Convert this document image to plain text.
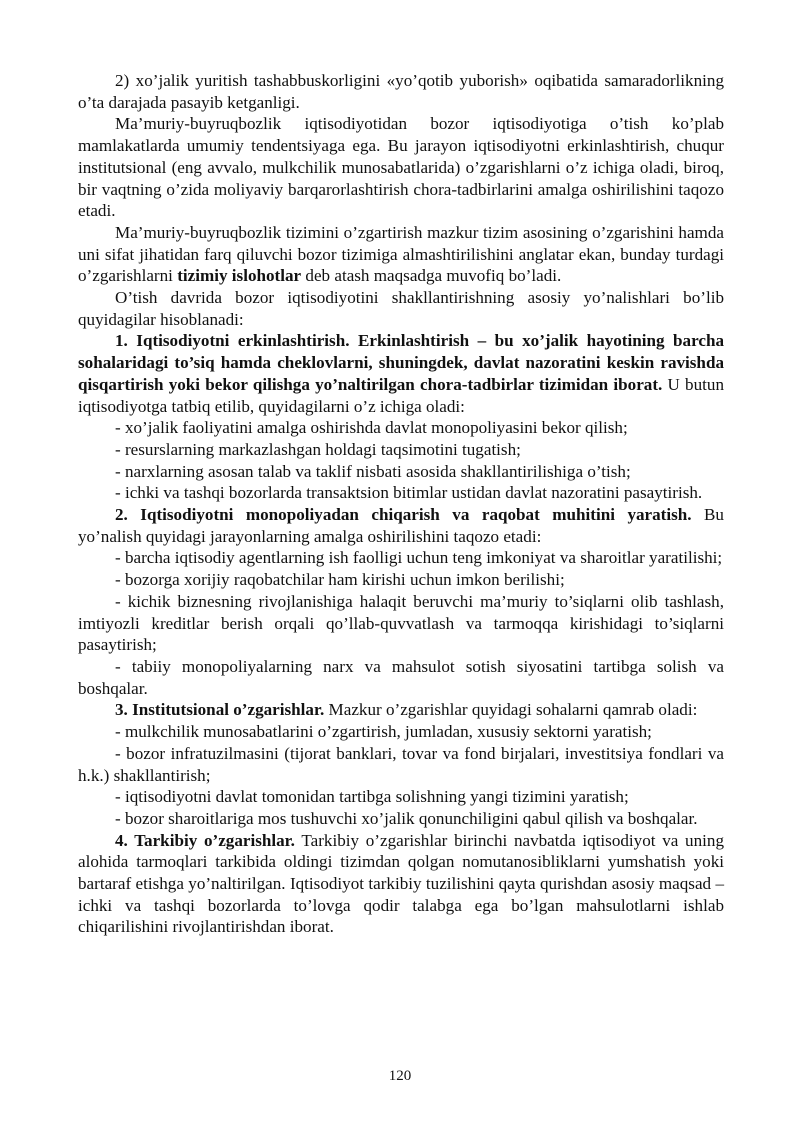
2) xo’jalik yuritish tashabbuskorligini «yo’qotib yuborish» oqibatida samaradorlikning o’ta darajada pasayib ketganligi.

Ma’muriy-buyruqbozlik iqtisodiyotidan bozor iqtisodiyotiga o’tish ko’plab mamlakatlarda umumiy tendentsiyaga ega. Bu jarayon iqtisodiyotni erkinlashtirish, chuqur institutsional (eng avvalo, mulkchilik munosabatlarida) o’zgarishlarni o’z ichiga oladi, biroq, bir vaqtning o’zida moliyaviy barqarorlashtirish chora-tadbirlarini amalga oshirilishini taqozo etadi.

Ma’muriy-buyruqbozlik tizimini o’zgartirish mazkur tizim asosining o’zgarishini hamda uni sifat jihatidan farq qiluvchi bozor tizimiga almashtirilishini anglatar ekan, bunday turdagi o’zgarishlarni tizimiy islohotlar deb atash maqsadga muvofiq bo’ladi.

O’tish davrida bozor iqtisodiyotini shakllantirishning asosiy yo’nalishlari bo’lib quyidagilar hisoblanadi:

1. Iqtisodiyotni erkinlashtirish. Erkinlashtirish – bu xo’jalik hayotining barcha sohalaridagi to’siq hamda cheklovlarni, shuningdek, davlat nazoratini keskin ravishda qisqartirish yoki bekor qilishga yo’naltirilgan chora-tadbirlar tizimidan iborat. U butun iqtisodiyotga tatbiq etilib, quyidagilarni o’z ichiga oladi:

- xo’jalik faoliyatini amalga oshirishda davlat monopoliyasini bekor qilish;

- resurslarning markazlashgan holdagi taqsimotini tugatish;

- narxlarning asosan talab va taklif nisbati asosida shakllantirilishiga o’tish;

- ichki va tashqi bozorlarda transaktsion bitimlar ustidan davlat nazoratini pasaytirish.

2. Iqtisodiyotni monopoliyadan chiqarish va raqobat muhitini yaratish. Bu yo’nalish quyidagi jarayonlarning amalga oshirilishini taqozo etadi:

- barcha iqtisodiy agentlarning ish faolligi uchun teng imkoniyat va sharoitlar yaratilishi;

- bozorga xorijiy raqobatchilar ham kirishi uchun imkon berilishi;

- kichik biznesning rivojlanishiga halaqit beruvchi ma’muriy to’siqlarni olib tashlash, imtiyozli kreditlar berish orqali qo’llab-quvvatlash va tarmoqqa kirishidagi to’siqlarni pasaytirish;

- tabiiy monopoliyalarning narx va mahsulot sotish siyosatini tartibga solish va boshqalar.

3. Institutsional o’zgarishlar. Mazkur o’zgarishlar quyidagi sohalarni qamrab oladi:

- mulkchilik munosabatlarini o’zgartirish, jumladan, xususiy sektorni yaratish;

- bozor infratuzilmasini (tijorat banklari, tovar va fond birjalari, investitsiya fondlari va h.k.) shakllantirish;

- iqtisodiyotni davlat tomonidan tartibga solishning yangi tizimini yaratish;

- bozor sharoitlariga mos tushuvchi xo’jalik qonunchiligini qabul qilish va boshqalar.

4. Tarkibiy o’zgarishlar. Tarkibiy o’zgarishlar birinchi navbatda iqtisodiyot va uning alohida tarmoqlari tarkibida oldingi tizimdan qolgan nomutanosibliklarni yumshatish yoki bartaraf etishga yo’naltirilgan. Iqtisodiyot tarkibiy tuzilishini qayta qurishdan asosiy maqsad – ichki va tashqi bozorlarda to’lovga qodir talabga ega bo’lgan mahsulotlarni ishlab chiqarilishini rivojlantirishdan iborat.

120
